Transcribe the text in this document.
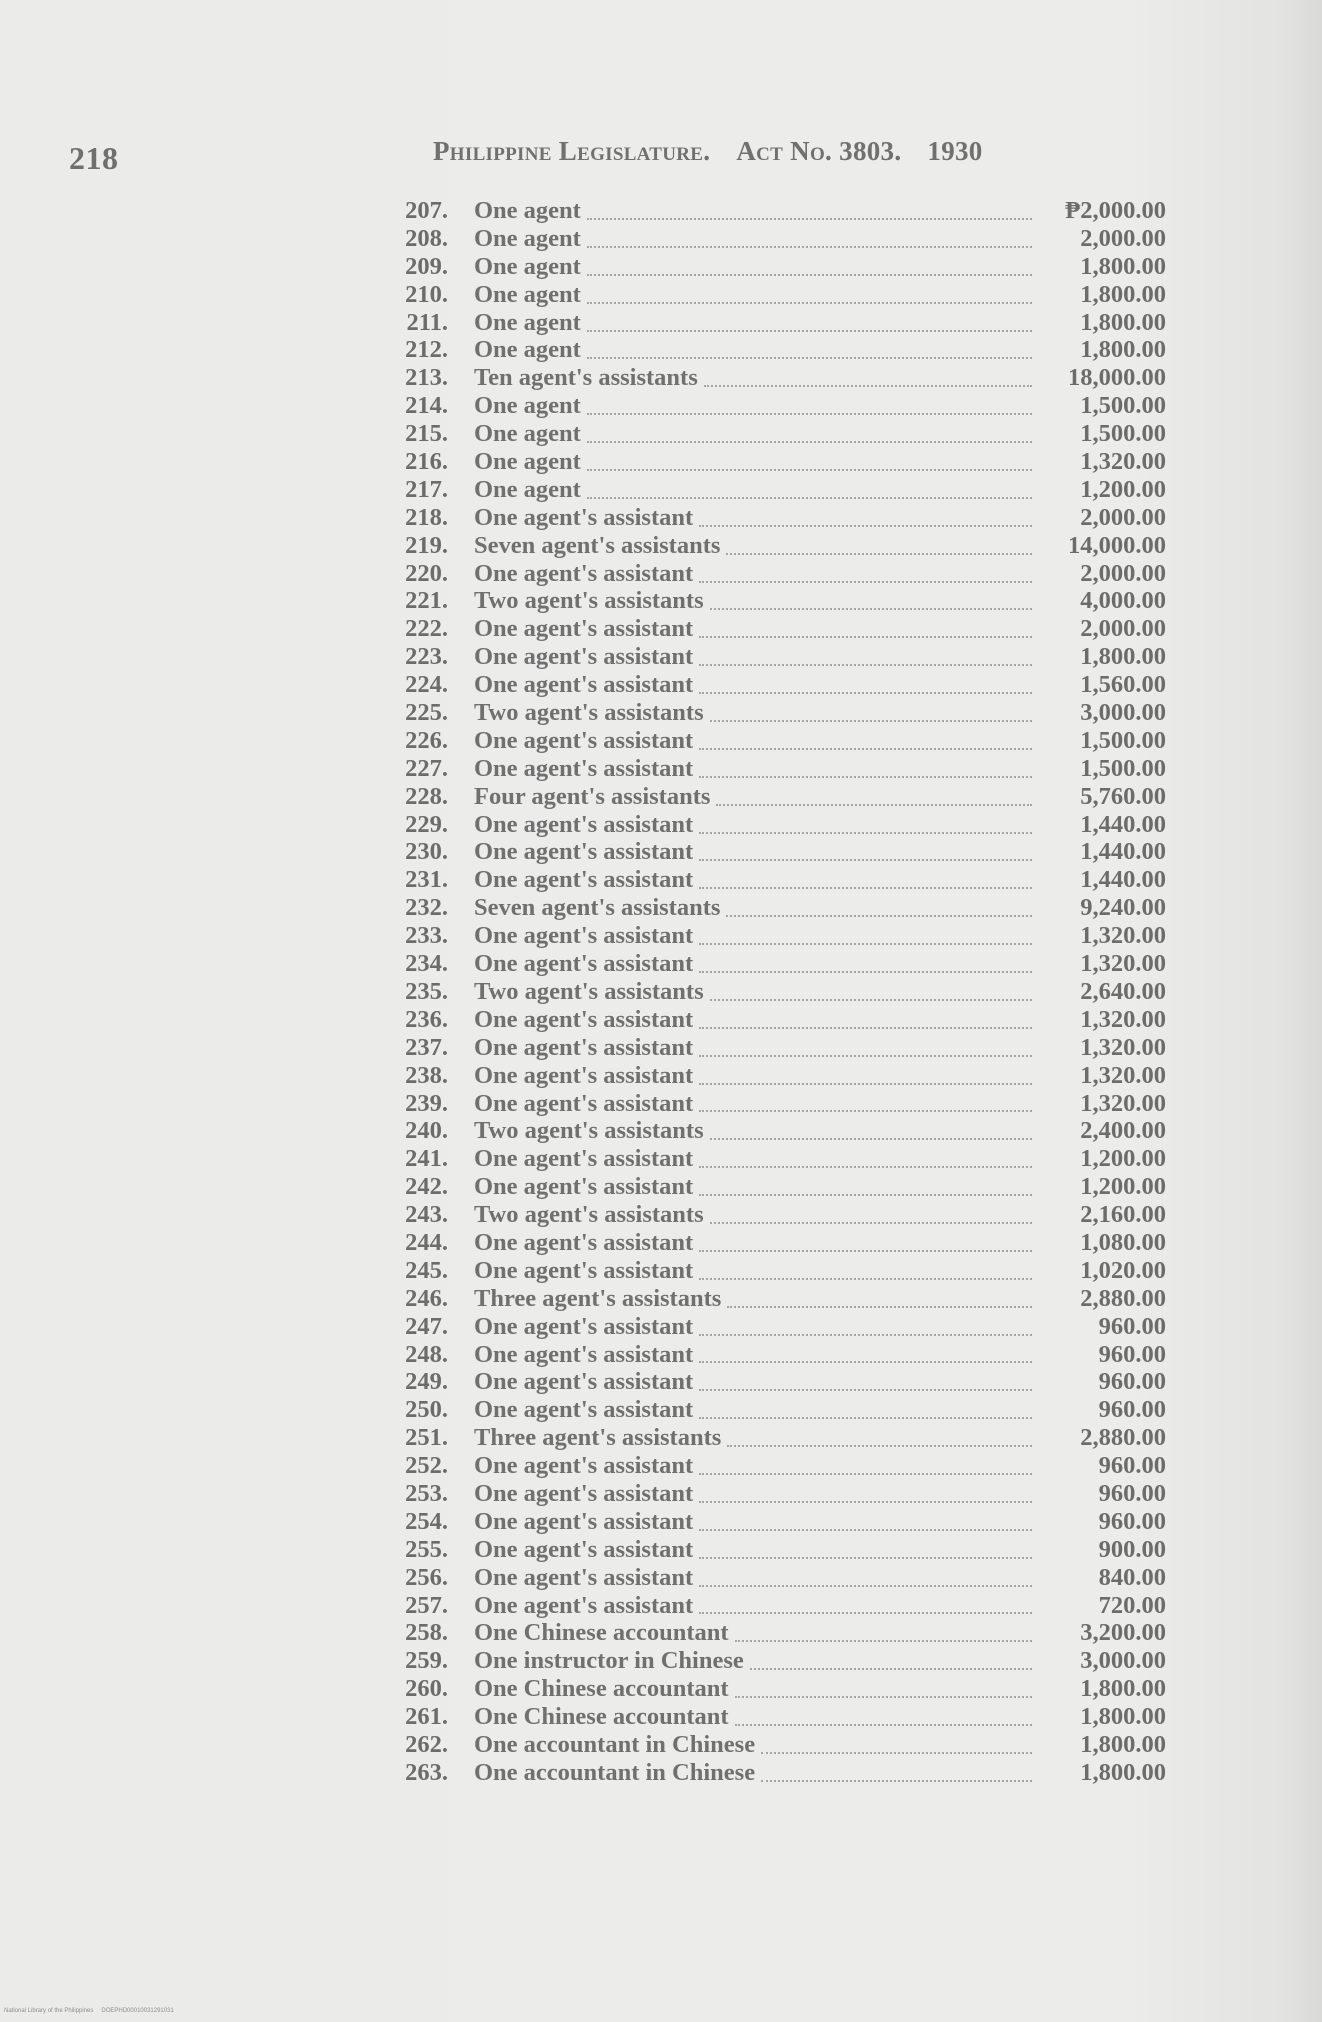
218	Philippine Legislature. Act No. 3803. 1930
207. One agent	₱2,000.00
208. One agent	2,000.00
209. One agent	1,800.00
210. One agent	1,800.00
211. One agent	1,800.00
212. One agent	1,800.00
213. Ten agent's assistants	18,000.00
214. One agent	1,500.00
215. One agent	1,500.00
216. One agent	1,320.00
217. One agent	1,200.00
218. One agent's assistant	2,000.00
219. Seven agent's assistants	14,000.00
220. One agent's assistant	2,000.00
221. Two agent's assistants	4,000.00
222. One agent's assistant	2,000.00
223. One agent's assistant	1,800.00
224. One agent's assistant	1,560.00
225. Two agent's assistants	3,000.00
226. One agent's assistant	1,500.00
227. One agent's assistant	1,500.00
228. Four agent's assistants	5,760.00
229. One agent's assistant	1,440.00
230. One agent's assistant	1,440.00
231. One agent's assistant	1,440.00
232. Seven agent's assistants	9,240.00
233. One agent's assistant	1,320.00
234. One agent's assistant	1,320.00
235. Two agent's assistants	2,640.00
236. One agent's assistant	1,320.00
237. One agent's assistant	1,320.00
238. One agent's assistant	1,320.00
239. One agent's assistant	1,320.00
240. Two agent's assistants	2,400.00
241. One agent's assistant	1,200.00
242. One agent's assistant	1,200.00
243. Two agent's assistants	2,160.00
244. One agent's assistant	1,080.00
245. One agent's assistant	1,020.00
246. Three agent's assistants	2,880.00
247. One agent's assistant	960.00
248. One agent's assistant	960.00
249. One agent's assistant	960.00
250. One agent's assistant	960.00
251. Three agent's assistants	2,880.00
252. One agent's assistant	960.00
253. One agent's assistant	960.00
254. One agent's assistant	960.00
255. One agent's assistant	900.00
256. One agent's assistant	840.00
257. One agent's assistant	720.00
258. One Chinese accountant	3,200.00
259. One instructor in Chinese	3,000.00
260. One Chinese accountant	1,800.00
261. One Chinese accountant	1,800.00
262. One accountant in Chinese	1,800.00
263. One accountant in Chinese	1,800.00
National Library of the Philippines DOEPHD00010031291031
